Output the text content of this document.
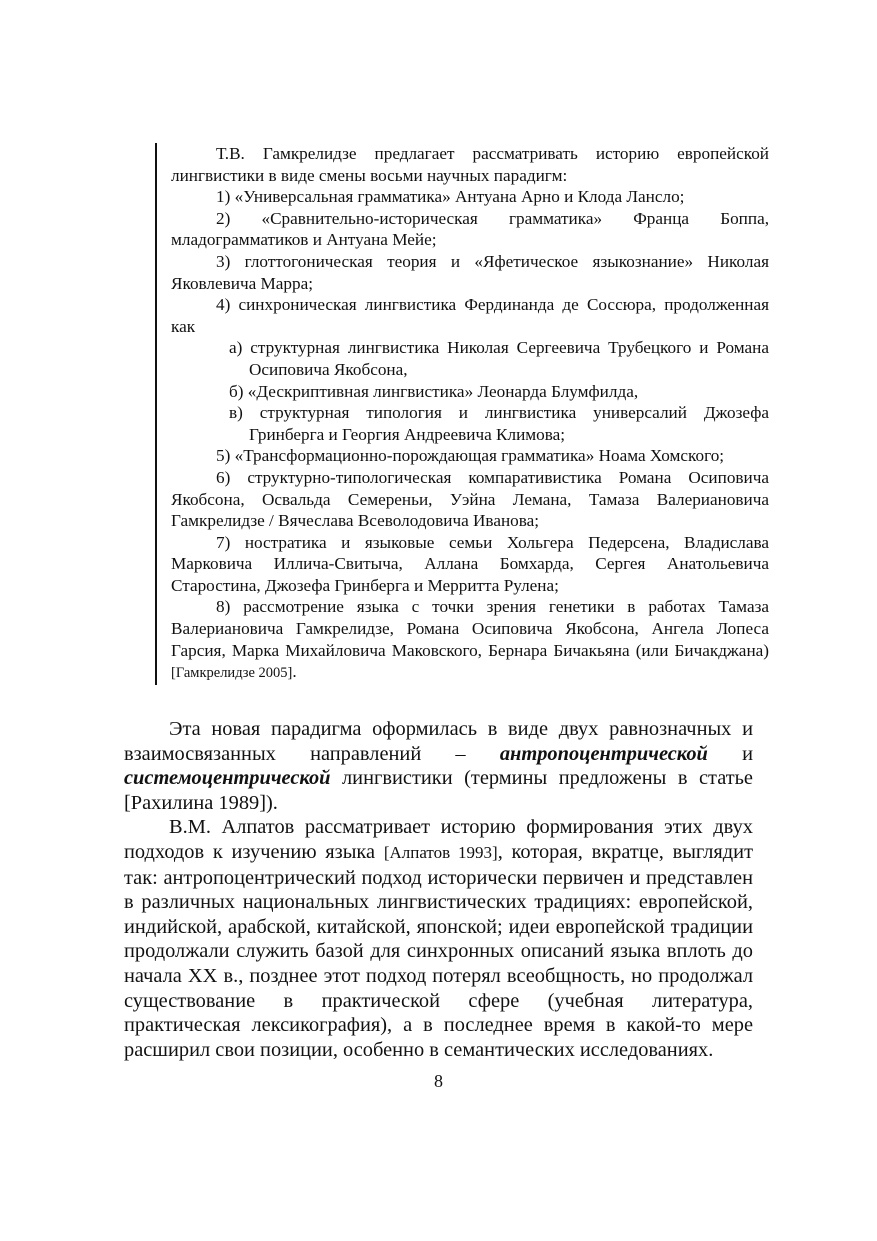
Т.В. Гамкрелидзе предлагает рассматривать историю европейской лингвистики в виде смены восьми научных парадигм:

1) «Универсальная грамматика» Антуана Арно и Клода Лансло;

2) «Сравнительно-историческая грамматика» Франца Боппа, младограмматиков и Антуана Мейе;

3) глоттогоническая теория и «Яфетическое языкознание» Николая Яковлевича Марра;

4) синхроническая лингвистика Фердинанда де Соссюра, продолженная как

а) структурная лингвистика Николая Сергеевича Трубецкого и Романа Осиповича Якобсона,

б) «Дескриптивная лингвистика» Леонарда Блумфилда,

в) структурная типология и лингвистика универсалий Джозефа Гринберга и Георгия Андреевича Климова;

5) «Трансформационно-порождающая грамматика» Ноама Хомского;

6) структурно-типологическая компаративистика Романа Осиповича Якобсона, Освальда Семереньи, Уэйна Лемана, Тамаза Валериановича Гамкрелидзе / Вячеслава Всеволодовича Иванова;

7) ностратика и языковые семьи Хольгера Педерсена, Владислава Марковича Иллича-Свитыча, Аллана Бомхарда, Сергея Анатольевича Старостина, Джозефа Гринберга и Мерритта Рулена;

8) рассмотрение языка с точки зрения генетики в работах Тамаза Валериановича Гамкрелидзе, Романа Осиповича Якобсона, Ангела Лопеса Гарсия, Марка Михайловича Маковского, Бернара Бичакьяна (или Бичакджана) [Гамкрелидзе 2005].

Эта новая парадигма оформилась в виде двух равнозначных и взаимосвязанных направлений – антропоцентрической и системоцентрической лингвистики (термины предложены в статье [Рахилина 1989]).

В.М. Алпатов рассматривает историю формирования этих двух подходов к изучению языка [Алпатов 1993], которая, вкратце, выглядит так: антропоцентрический подход исторически первичен и представлен в различных национальных лингвистических традициях: европейской, индийской, арабской, китайской, японской; идеи европейской традиции продолжали служить базой для синхронных описаний языка вплоть до начала XX в., позднее этот подход потерял всеобщность, но продолжал существование в практической сфере (учебная литература, практическая лексикография), а в последнее время в какой-то мере расширил свои позиции, особенно в семантических исследованиях.

8
